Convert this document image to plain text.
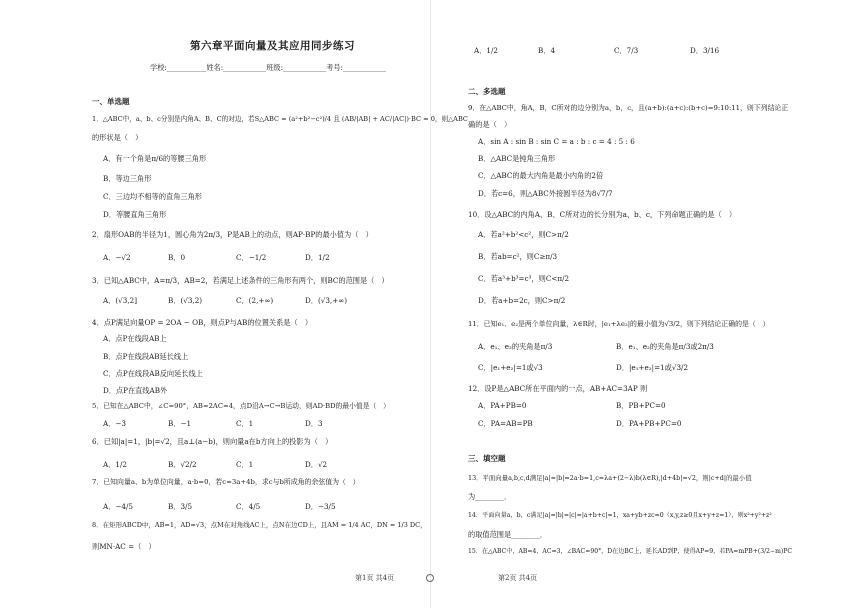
第六章平面向量及其应用同步练习
学校:___________姓名:____________班级:____________考号:____________
一、单选题
1．△ABC中，a、b、c分别是内角A、B、C的对边，若S△ABC = (a²+b²−c²)/4 且 (AB/|AB| + AC/|AC|)·BC = 0，则△ABC
的形状是（　）
A．有一个角是π/6的等腰三角形
B．等边三角形
C．三边均不相等的直角三角形
D．等腰直角三角形
2．扇形OAB的半径为1，圆心角为2π/3，P是AB上的动点，则AP·BP的最小值为（　）
A．−√2	B．0	C．−1/2	D．1/2
3．已知△ABC中，A=π/3，AB=2，若满足上述条件的三角形有两个，则BC的范围是（　）
A．(√3,2]	B．(√3,2)	C．(2,+∞)	D．(√3,+∞)
4．点P满足向量OP = 2OA − OB，则点P与AB的位置关系是（　）
A．点P在线段AB上
B．点P在线段AB延长线上
C．点P在线段AB反向延长线上
D．点P在直线AB外
5．已知在△ABC中，∠C=90°，AB=2AC=4，点D沿A→C→B运动，则AD·BD的最小值是（　）
A．−3	B．−1	C．1	D．3
6．已知|a|=1，|b|=√2，且a⊥(a−b)，则向量a在b方向上的投影为（　）
A．1/2	B．√2/2	C．1	D．√2
7．已知向量a、b为单位向量，a·b=0，若c=3a+4b，求c与b所成角的余弦值为（　）
A．−4/5	B．3/5	C．4/5	D．−3/5
8．在矩形ABCD中，AB=1，AD=√3，点M在对角线AC上，点N在边CD上，且AM = 1/4 AC，DN = 1/3 DC，
则MN·AC =（　）
第1页 共4页
A．1/2	B．4	C．7/3	D．3/16
二、多选题
9．在△ABC中，角A，B，C所对的边分别为a，b，c，且(a+b):(a+c):(b+c)=9:10:11，则下列结论正
确的是（　）
A．sin A : sin B : sin C = a : b : c = 4 : 5 : 6
B．△ABC是钝角三角形
C．△ABC的最大内角是最小内角的2倍
D．若c=6，则△ABC外接圆半径为8√7/7
10．设△ABC的内角A、B、C所对边的长分别为a、b、c，下列命题正确的是（　）
A．若a²+b²<c²，则C>π/2
B．若ab=c²，则C≥π/3
C．若a³+b³=c³，则C<π/2
D．若a+b=2c，则C>π/2
11．已知e₁、e₂是两个单位向量，λ∈R时，|e₁+λe₂|的最小值为√3/2，则下列结论正确的是（　）
A．e₁、e₂的夹角是π/3	B．e₁、e₂的夹角是π/3或2π/3
C．|e₁+e₂|=1或√3	D．|e₁+e₂|=1或√3/2
12．设P是△ABC所在平面内的一点，AB+AC=3AP 则
A．PA+PB=0	B．PB+PC=0
C．PA=AB=PB	D．PA+PB+PC=0
三、填空题
13．平面向量a,b,c,d满足|a|=|b|=2a·b=1,c=λa+(2−λ)b(λ∈R),|d+4b|=√2，则|c+d|的最小值
为________．
14．平面向量a，b，c满足|a|=|b|=|c|=|a+b+c|=1，xa+yb+zc=0（x,y,z≥0且x+y+z=1），则x²+y²+z²
的取值范围是________．
15．在△ABC中，AB=4，AC=3，∠BAC=90°，D在边BC上，延长AD到P，使得AP=9，若PA=mPB+(3/2−m)PC
第2页 共4页
